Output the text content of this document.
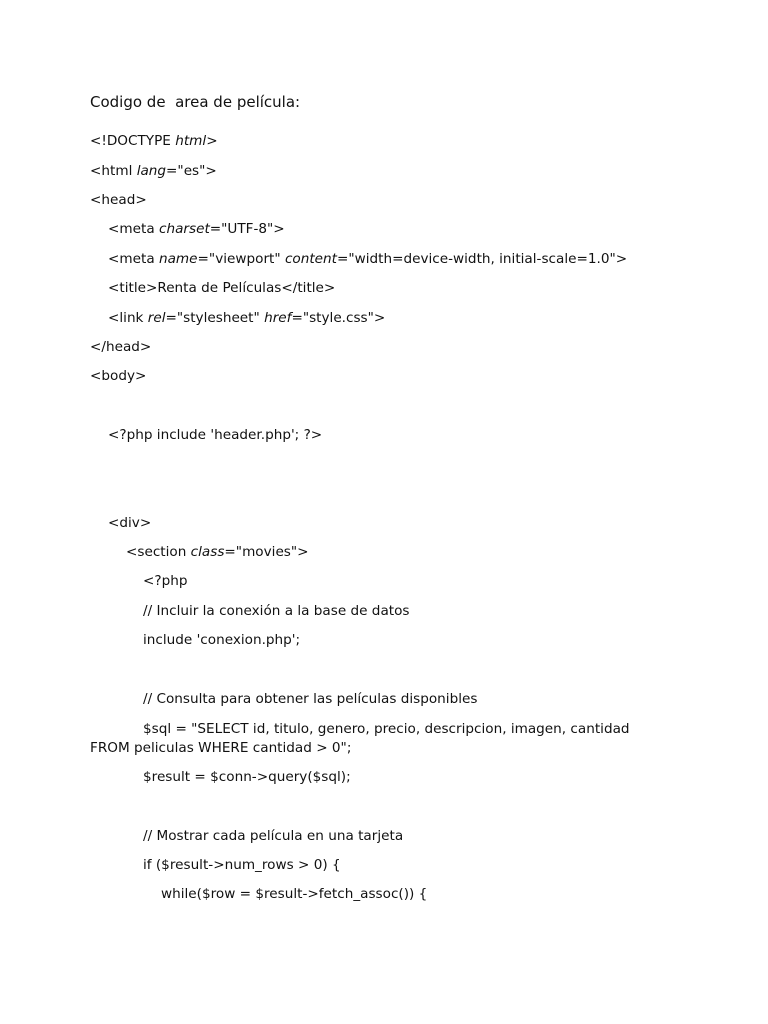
Codigo de  area de película:
<!DOCTYPE html>
<html lang="es">
<head>
<meta charset="UTF-8">
<meta name="viewport" content="width=device-width, initial-scale=1.0">
<title>Renta de Películas</title>
<link rel="stylesheet" href="style.css">
</head>
<body>
<?php include 'header.php'; ?>
<div>
<section class="movies">
<?php
// Incluir la conexión a la base de datos
include 'conexion.php';
// Consulta para obtener las películas disponibles
$sql = "SELECT id, titulo, genero, precio, descripcion, imagen, cantidad
FROM peliculas WHERE cantidad > 0";
$result = $conn->query($sql);
// Mostrar cada película en una tarjeta
if ($result->num_rows > 0) {
while($row = $result->fetch_assoc()) {
